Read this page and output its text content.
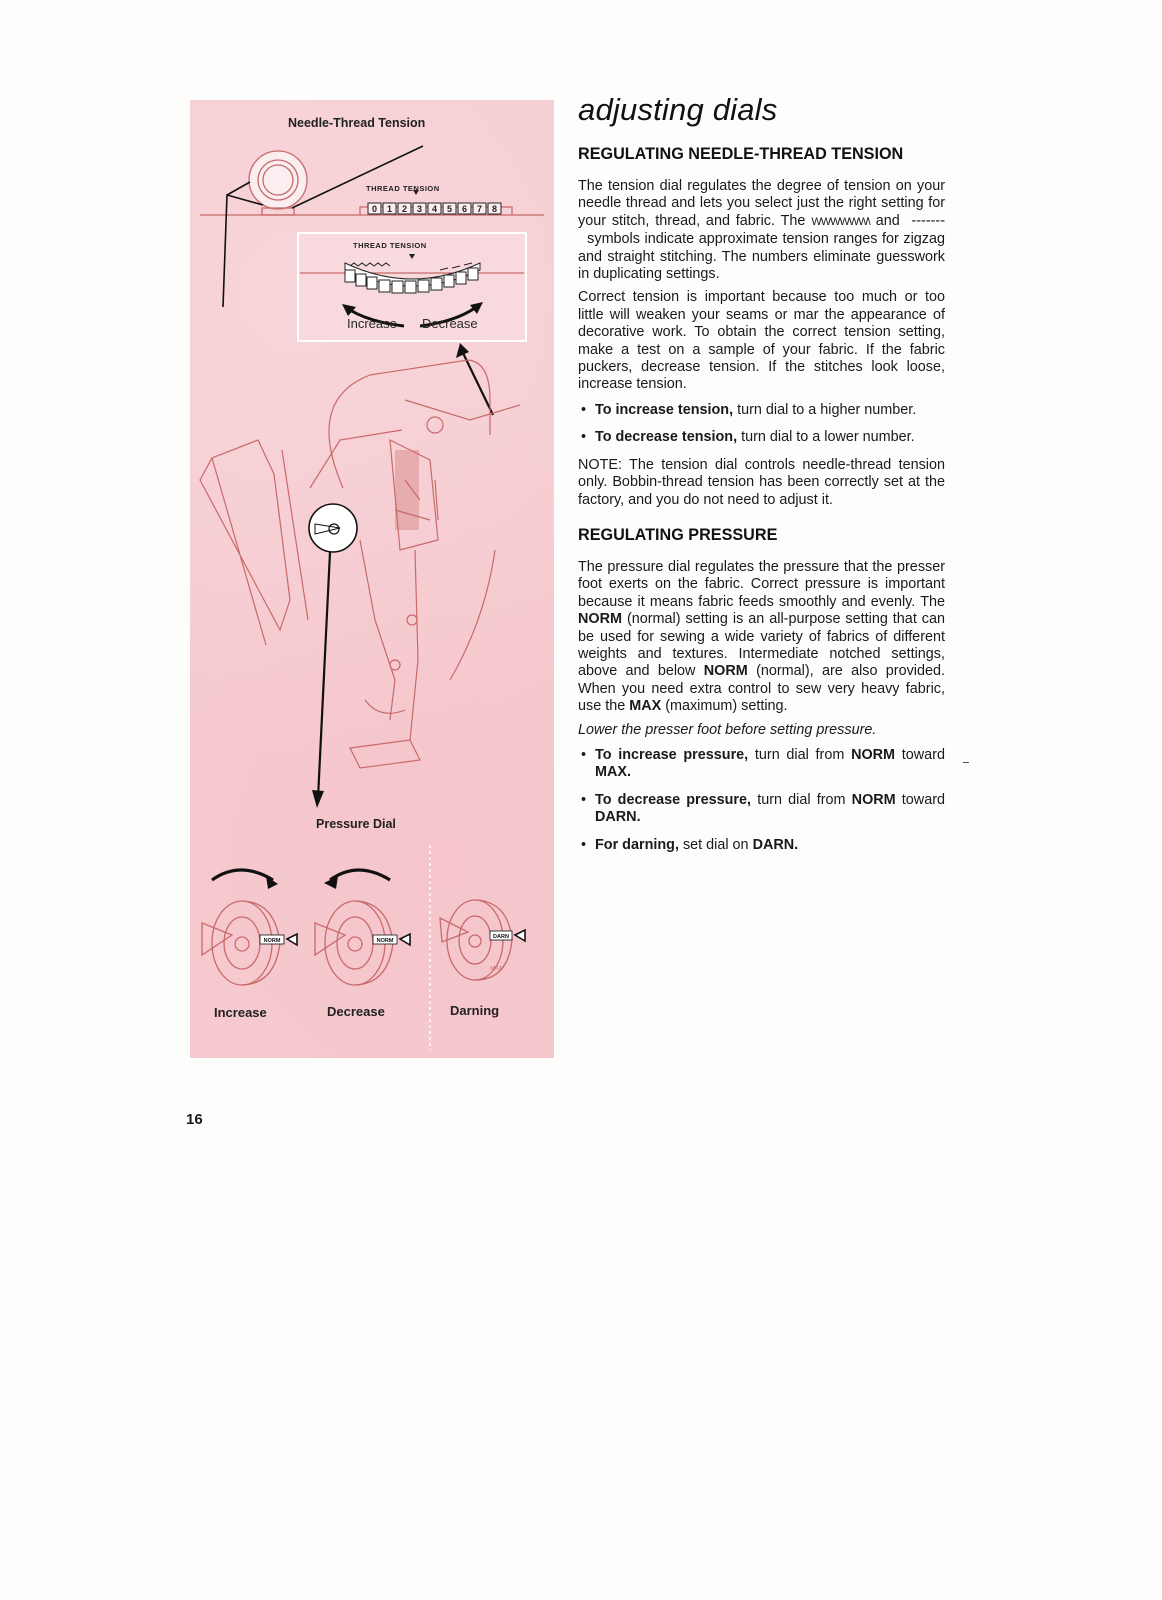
0 1 2 3 4 5 6 7 8
NORM	NORM
DARN
MAX
Needle-Thread Tension
THREAD TENSION
THREAD TENSION
Increase Decrease
Pressure Dial
Increase	Decrease	Darning
adjusting dials
REGULATING NEEDLE-THREAD TENSION

The tension dial regulates the degree of tension on your needle thread and lets you select just the right setting for your stitch, thread, and fabric. The WWWWWW\ and -------  symbols indicate approximate tension ranges for zigzag and straight stitching. The numbers eliminate guesswork in duplicating settings.

Correct tension is important because too much or too little will weaken your seams or mar the appearance of decorative work. To obtain the correct tension setting, make a test on a sample of your fabric. If the fabric puckers, decrease tension. If the stitches look loose, increase tension.

• To increase tension, turn dial to a higher number.
• To decrease tension, turn dial to a lower number.

NOTE: The tension dial controls needle-thread tension only. Bobbin-thread tension has been correctly set at the factory, and you do not need to adjust it.

REGULATING PRESSURE

The pressure dial regulates the pressure that the presser foot exerts on the fabric. Correct pressure is important because it means fabric feeds smoothly and evenly. The NORM (normal) setting is an all-purpose setting that can be used for sewing a wide variety of fabrics of different weights and textures. Intermediate notched settings, above and below NORM (normal), are also provided. When you need extra control to sew very heavy fabric, use the MAX (maximum) setting.

Lower the presser foot before setting pressure.

• To increase pressure, turn dial from NORM toward MAX.
• To decrease pressure, turn dial from NORM toward DARN.
• For darning, set dial on DARN.
16
